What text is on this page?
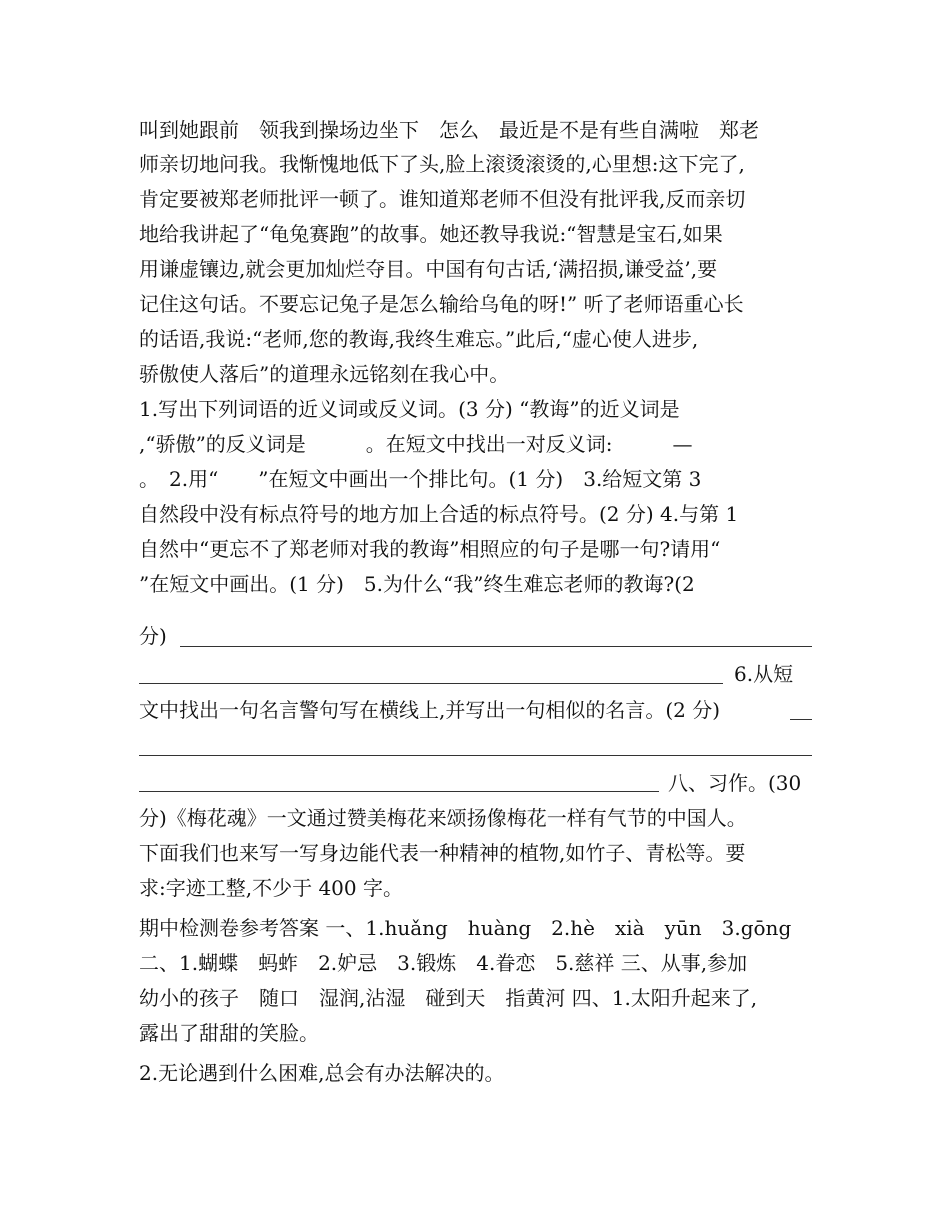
叫到她跟前　领我到操场边坐下　怎么　最近是不是有些自满啦　郑老
师亲切地问我。我惭愧地低下了头,脸上滚烫滚烫的,心里想:这下完了,
肯定要被郑老师批评一顿了。谁知道郑老师不但没有批评我,反而亲切
地给我讲起了“龟兔赛跑”的故事。她还教导我说:“智慧是宝石,如果
用谦虚镶边,就会更加灿烂夺目。中国有句古话,‘满招损,谦受益’,要
记住这句话。不要忘记兔子是怎么输给乌龟的呀!” 听了老师语重心长
的话语,我说:“老师,您的教诲,我终生难忘。”此后,“虚心使人进步,
骄傲使人落后”的道理永远铭刻在我心中。
1.写出下列词语的近义词或反义词。(3 分) “教诲”的近义词是
,“骄傲”的反义词是　　　。在短文中找出一对反义词:　　　—
。　2.用“　　”在短文中画出一个排比句。(1 分)　3.给短文第 3
自然段中没有标点符号的地方加上合适的标点符号。(2 分) 4.与第 1
自然中“更忘不了郑老师对我的教诲”相照应的句子是哪一句?请用“
”在短文中画出。(1 分)　5.为什么“我”终生难忘老师的教诲?(2
分)
6.从短
文中找出一句名言警句写在横线上,并写出一句相似的名言。(2 分)
八、习作。(30
分)《梅花魂》一文通过赞美梅花来颂扬像梅花一样有气节的中国人。
下面我们也来写一写身边能代表一种精神的植物,如竹子、青松等。要
求:字迹工整,不少于 400 字。
期中检测卷参考答案 一、1.huǎng　huàng　2.hè　xià　yūn　3.gōng
二、1.蝴蝶　蚂蚱　2.妒忌　3.锻炼　4.眷恋　5.慈祥 三、从事,参加
幼小的孩子　随口　湿润,沾湿　碰到天　指黄河 四、1.太阳升起来了,
露出了甜甜的笑脸。
2.无论遇到什么困难,总会有办法解决的。
